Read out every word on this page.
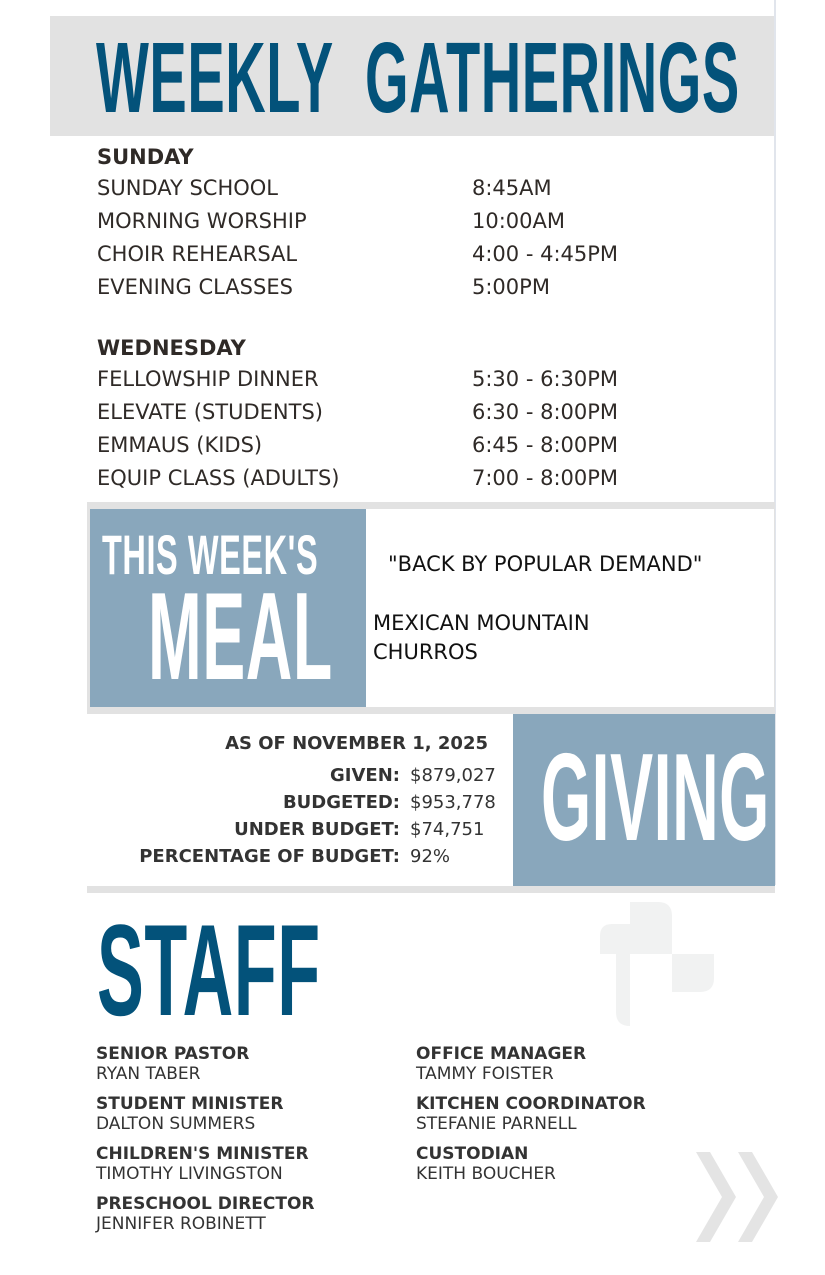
WEEKLY  GATHERINGS
SUNDAY
SUNDAY SCHOOL	8:45AM
MORNING WORSHIP	10:00AM
CHOIR REHEARSAL	4:00 - 4:45PM
EVENING CLASSES	5:00PM
WEDNESDAY
FELLOWSHIP DINNER	5:30 - 6:30PM
ELEVATE (STUDENTS)	6:30 - 8:00PM
EMMAUS (KIDS)	6:45 - 8:00PM
EQUIP CLASS (ADULTS)	7:00 - 8:00PM
THIS WEEK'S
MEAL
"BACK BY POPULAR DEMAND"
MEXICAN MOUNTAIN CHURROS
GIVING
AS OF NOVEMBER 1, 2025
GIVEN: $879,027
BUDGETED: $953,778
UNDER BUDGET: $74,751
PERCENTAGE OF BUDGET: 92%
STAFF
SENIOR PASTOR
RYAN TABER
STUDENT MINISTER
DALTON SUMMERS
CHILDREN'S MINISTER
TIMOTHY LIVINGSTON
PRESCHOOL DIRECTOR
JENNIFER ROBINETT
OFFICE MANAGER
TAMMY FOISTER
KITCHEN COORDINATOR
STEFANIE PARNELL
CUSTODIAN
KEITH BOUCHER
